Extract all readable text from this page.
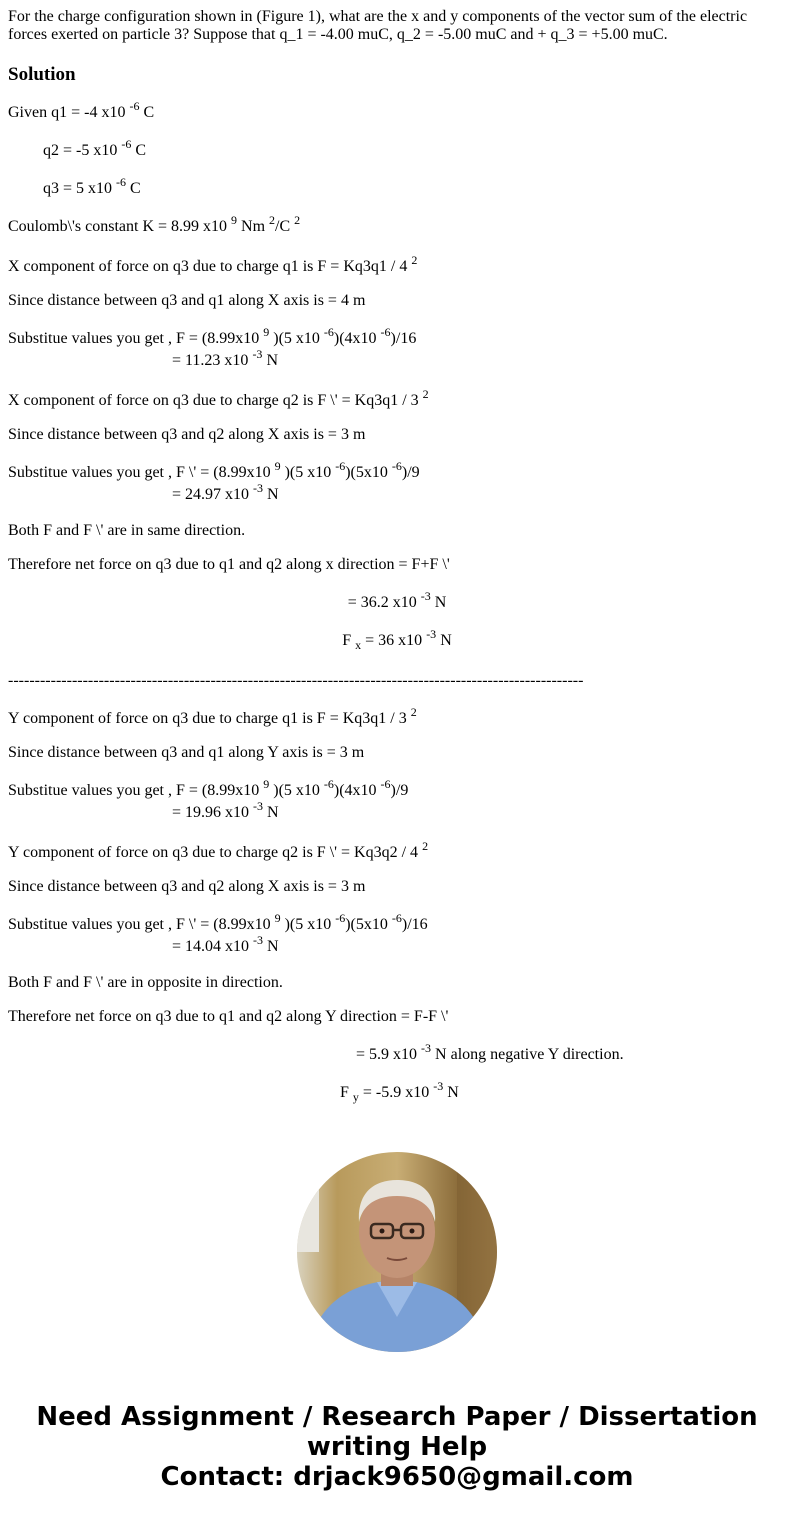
For the charge configuration shown in (Figure 1), what are the x and y components of the vector sum of the electric forces exerted on particle 3? Suppose that q_1 = -4.00 muC, q_2 = -5.00 muC and + q_3 = +5.00 muC.

Solution

Given q1 = -4 x10 $^{-6}$ C

q2 = -5 x10 $^{-6}$ C

q3 = 5 x10 $^{-6}$ C

Coulomb\'s constant K = 8.99 x10 $^9$ Nm $^2$/C $^2$

X component of force on q3 due to charge q1 is F = Kq3q1 / 4 $^2$

Since distance between q3 and q1 along X axis is = 4 m

Substitue values you get , F = (8.99x10 $^9$ )(5 x10 $^{-6}$)(4x10 $^{-6}$)/16

= 11.23 x10 $^{-3}$ N

X component of force on q3 due to charge q2 is F \' = Kq3q1 / 3 $^2$

Since distance between q3 and q2 along X axis is = 3 m

Substitue values you get , F \' = (8.99x10 $^9$ )(5 x10 $^{-6}$)(5x10 $^{-6}$)/9

= 24.97 x10 $^{-3}$ N

Both F and F \' are in same direction.

Therefore net force on q3 due to q1 and q2 along x direction = F+F \'

= 36.2 x10 $^{-3}$ N

F $_x$ = 36 x10 $^{-3}$ N

------------------------------------------------------------------------------------------------------------

Y component of force on q3 due to charge q1 is F = Kq3q1 / 3 $^2$

Since distance between q3 and q1 along Y axis is = 3 m

Substitue values you get , F = (8.99x10 $^9$ )(5 x10 $^{-6}$)(4x10 $^{-6}$)/9

= 19.96 x10 $^{-3}$ N

Y component of force on q3 due to charge q2 is F \' = Kq3q2 / 4 $^2$

Since distance between q3 and q2 along X axis is = 3 m

Substitue values you get , F \' = (8.99x10 $^9$ )(5 x10 $^{-6}$)(5x10 $^{-6}$)/16

= 14.04 x10 $^{-3}$ N

Both F and F \' are in opposite in direction.

Therefore net force on q3 due to q1 and q2 along Y direction = F-F \'

= 5.9 x10 $^{-3}$ N along negative Y direction.

F $_y$ = -5.9 x10 $^{-3}$ N

Need Assignment / Research Paper / Dissertation
writing Help
Contact: drjack9650@gmail.com
